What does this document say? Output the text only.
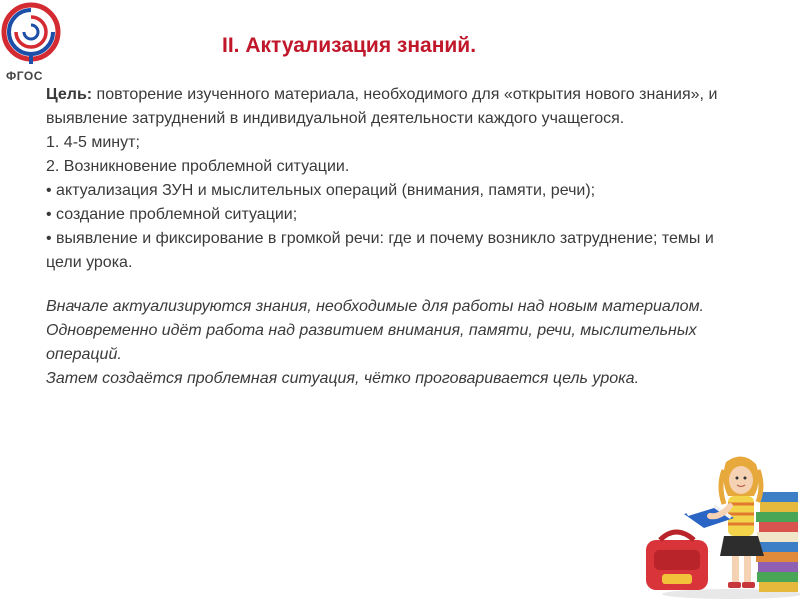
ФГОС
II. Актуализация знаний.

Цель: повторение изученного материала, необходимого для «открытия нового знания», и выявление затруднений в индивидуальной деятельности каждого учащегося.

1. 4-5 минут;

2. Возникновение проблемной ситуации.

• актуализация ЗУН и мыслительных операций (внимания, памяти, речи);

• создание проблемной ситуации;

• выявление и фиксирование в громкой речи: где и почему возникло затруднение; темы и цели урока.

Вначале актуализируются знания, необходимые для работы над новым материалом. Одновременно идёт работа над развитием внимания, памяти, речи, мыслительных операций.

Затем создаётся проблемная ситуация, чётко проговаривается цель урока.
